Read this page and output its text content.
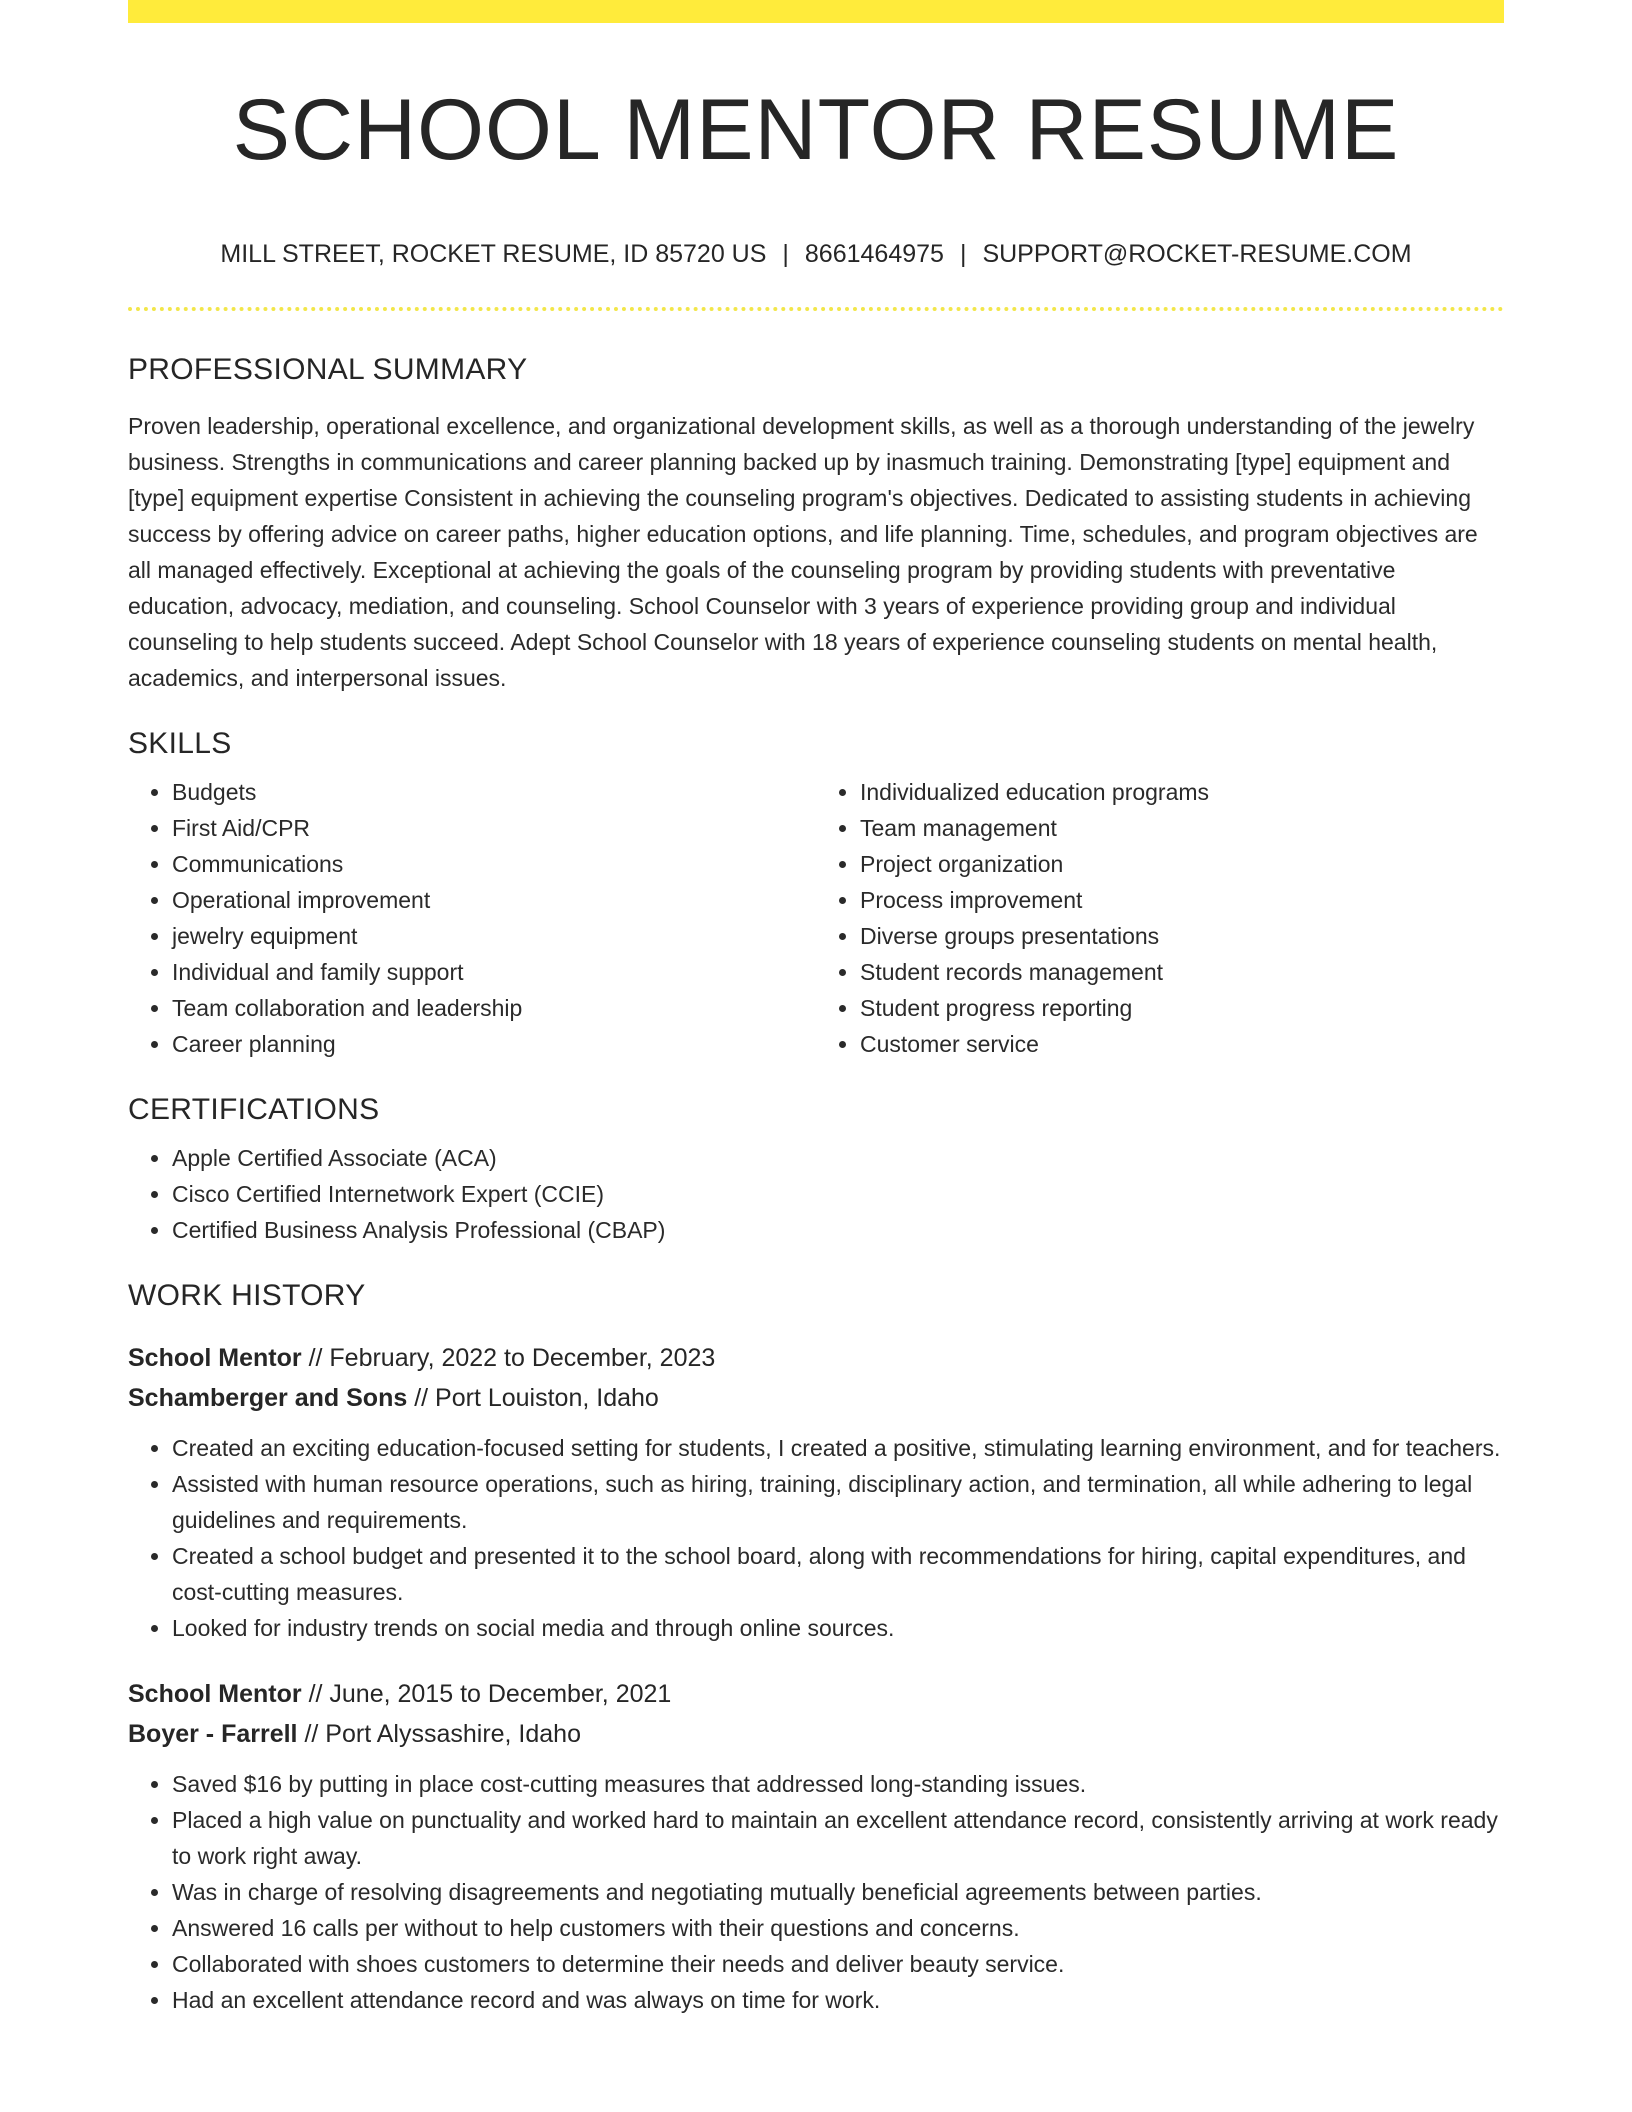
SCHOOL MENTOR RESUME
MILL STREET, ROCKET RESUME, ID 85720 US | 8661464975 | SUPPORT@ROCKET-RESUME.COM
PROFESSIONAL SUMMARY

Proven leadership, operational excellence, and organizational development skills, as well as a thorough understanding of the jewelry business. Strengths in communications and career planning backed up by inasmuch training. Demonstrating [type] equipment and [type] equipment expertise Consistent in achieving the counseling program's objectives. Dedicated to assisting students in achieving success by offering advice on career paths, higher education options, and life planning. Time, schedules, and program objectives are all managed effectively. Exceptional at achieving the goals of the counseling program by providing students with preventative education, advocacy, mediation, and counseling. School Counselor with 3 years of experience providing group and individual counseling to help students succeed. Adept School Counselor with 18 years of experience counseling students on mental health, academics, and interpersonal issues.

SKILLS
• Budgets
• First Aid/CPR
• Communications
• Operational improvement
• jewelry equipment
• Individual and family support
• Team collaboration and leadership
• Career planning
• Individualized education programs
• Team management
• Project organization
• Process improvement
• Diverse groups presentations
• Student records management
• Student progress reporting
• Customer service
CERTIFICATIONS
• Apple Certified Associate (ACA)
• Cisco Certified Internetwork Expert (CCIE)
• Certified Business Analysis Professional (CBAP)
WORK HISTORY
School Mentor // February, 2022 to December, 2023
Schamberger and Sons // Port Louiston, Idaho
• Created an exciting education-focused setting for students, I created a positive, stimulating learning environment, and for teachers.
• Assisted with human resource operations, such as hiring, training, disciplinary action, and termination, all while adhering to legal guidelines and requirements.
• Created a school budget and presented it to the school board, along with recommendations for hiring, capital expenditures, and cost-cutting measures.
• Looked for industry trends on social media and through online sources.
School Mentor // June, 2015 to December, 2021
Boyer - Farrell // Port Alyssashire, Idaho
• Saved $16 by putting in place cost-cutting measures that addressed long-standing issues.
• Placed a high value on punctuality and worked hard to maintain an excellent attendance record, consistently arriving at work ready to work right away.
• Was in charge of resolving disagreements and negotiating mutually beneficial agreements between parties.
• Answered 16 calls per without to help customers with their questions and concerns.
• Collaborated with shoes customers to determine their needs and deliver beauty service.
• Had an excellent attendance record and was always on time for work.
